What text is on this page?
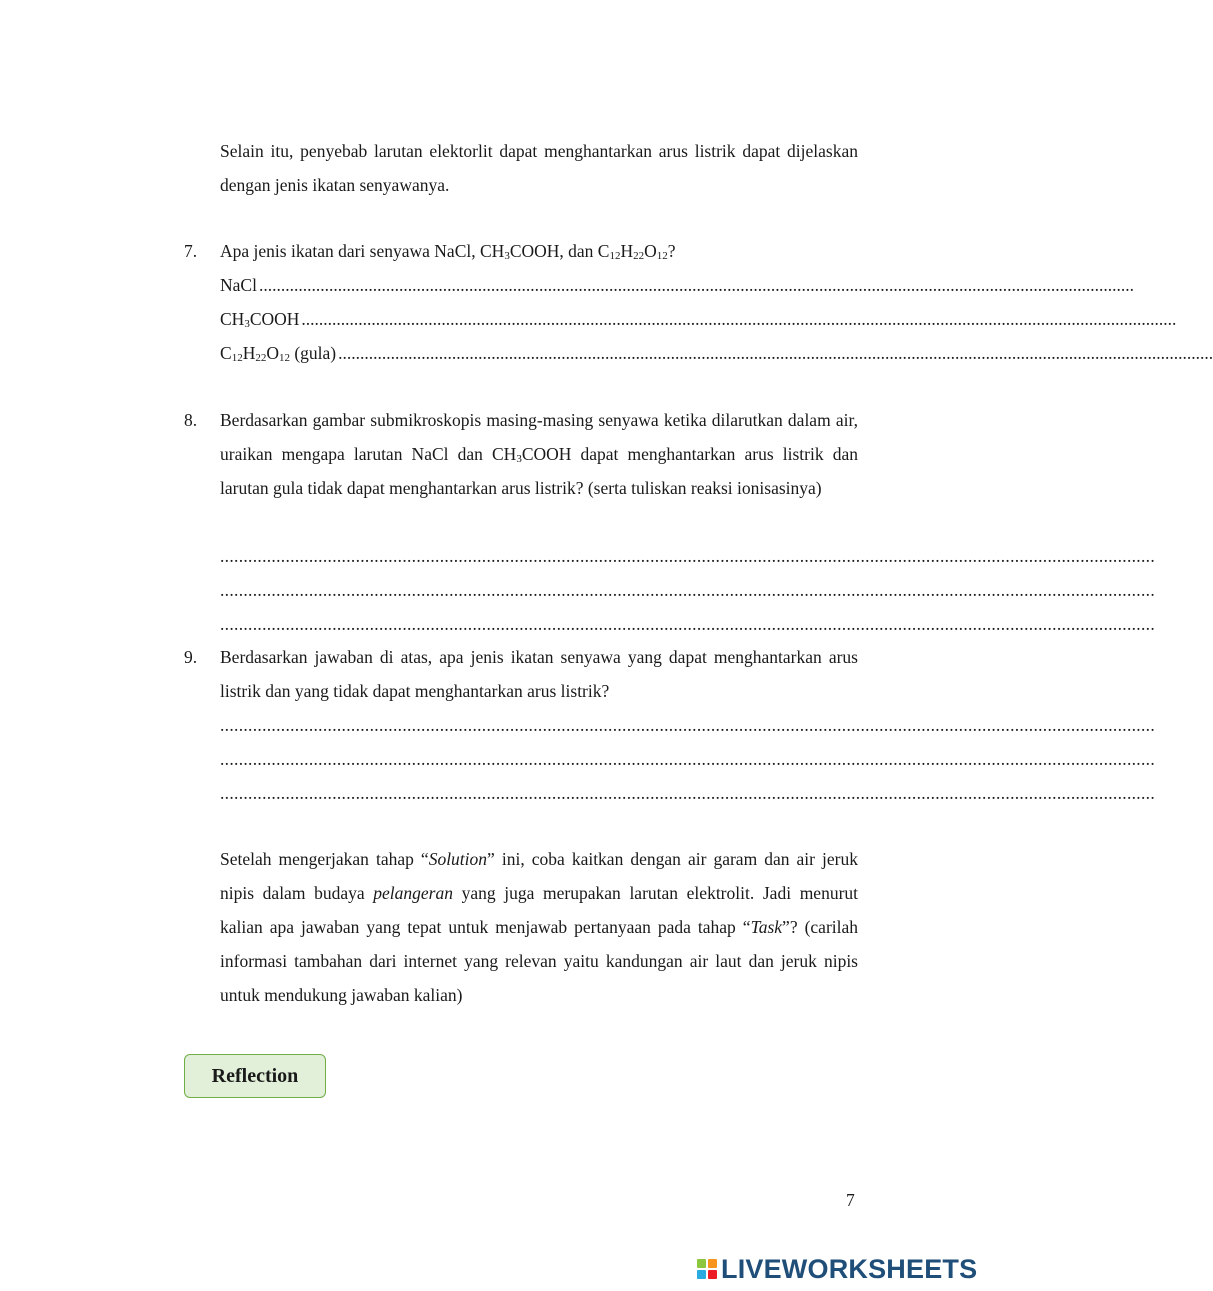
Selain itu, penyebab larutan elektorlit dapat menghantarkan arus listrik dapat dijelaskan dengan jenis ikatan senyawanya.

7. Apa jenis ikatan dari senyawa NaCl, $CH_3COOH$, dan $C_{12}H_{22}O_{12}$?
NaCl ........................................................................................................................................................................................................
$CH_3COOH$ ........................................................................................................................................................................................................
$C_{12}H_{22}O_{12}$ (gula) ........................................................................................................................................................................................................
8. Berdasarkan gambar submikroskopis masing-masing senyawa ketika dilarutkan dalam air, uraikan mengapa larutan NaCl dan $CH_3COOH$ dapat menghantarkan arus listrik dan larutan gula tidak dapat menghantarkan arus listrik? (serta tuliskan reaksi ionisasinya)

........................................................................................................................................................................................................
........................................................................................................................................................................................................
........................................................................................................................................................................................................
9. Berdasarkan jawaban di atas, apa jenis ikatan senyawa yang dapat menghantarkan arus listrik dan yang tidak dapat menghantarkan arus listrik?

........................................................................................................................................................................................................
........................................................................................................................................................................................................
........................................................................................................................................................................................................

Setelah mengerjakan tahap “Solution” ini, coba kaitkan dengan air garam dan air jeruk nipis dalam budaya pelangeran yang juga merupakan larutan elektrolit. Jadi menurut kalian apa jawaban yang tepat untuk menjawab pertanyaan pada tahap “Task”? (carilah informasi tambahan dari internet yang relevan yaitu kandungan air laut dan jeruk nipis untuk mendukung jawaban kalian)

Reflection
7
LIVEWORKSHEETS
